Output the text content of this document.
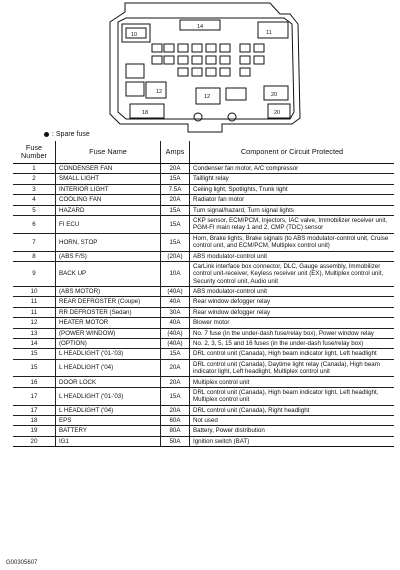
10	11
14
12
12	20
18	20
: Spare fuse
Fuse
Number	Fuse Name	Amps	Component or Circuit Protected
1	CONDENSER FAN	20A	Condenser fan motor, A/C compressor
2	SMALL LIGHT	15A	Taillight relay
3	INTERIOR LIGHT	7.5A	Ceiling light, Spotlights, Trunk light
4	COOLING FAN	20A	Radiator fan motor
5	HAZARD	15A	Turn signal/hazard, Turn signal lights
6	FI ECU	15A	CKP sensor, ECM/PCM, Injectors, IAC valve, Immobilizer receiver unit, PGM-FI main relay 1 and 2, CMP (TDC) sensor
7	HORN, STOP	15A	Horn, Brake lights, Brake signals (to ABS modulator-control unit, Cruise control unit, and ECM/PCM, Multiplex control unit)
8	(ABS F/S)	(20A)	ABS modulator-control unit
9	BACK UP	10A	CarLink interface box connector, DLC, Gauge assembly, Immobilizer control unit-receiver, Keyless receiver unit (EX), Multiplex control unit, Security control unit, Audio unit
10	(ABS MOTOR)	(40A)	ABS modulator-control unit
11	REAR DEFROSTER (Coupe)	40A	Rear window defogger relay
11	RR DEFROSTER (Sedan)	30A	Rear window defogger relay
12	HEATER MOTOR	40A	Blower motor
13	(POWER WINDOW)	(40A)	No. 7 fuse (in the under-dash fuse/relay box), Power window relay
14	(OPTION)	(40A)	No. 2, 3, 5, 15 and 16 fuses (in the under-dash fuse/relay box)
15	L HEADLIGHT ('01-'03)	15A	DRL control unit (Canada), High beam indicator light, Left headlight
15	L HEADLIGHT ('04)	20A	DRL control unit (Canada), Daytime light relay (Canada), High beam indicator light, Left headlight, Multiplex control unit
16	DOOR LOCK	20A	Multiplex control unit
17	L HEADLIGHT ('01-'03)	15A	DRL control unit (Canada), High beam indicator light, Left headlight, Multiplex control unit
17	L HEADLIGHT ('04)	20A	DRL control unit (Canada), Right headlight
18	EPS	60A	Not used
19	BATTERY	80A	Battery, Power distribution
20	IG1	50A	Ignition switch (BAT)
G00305607
